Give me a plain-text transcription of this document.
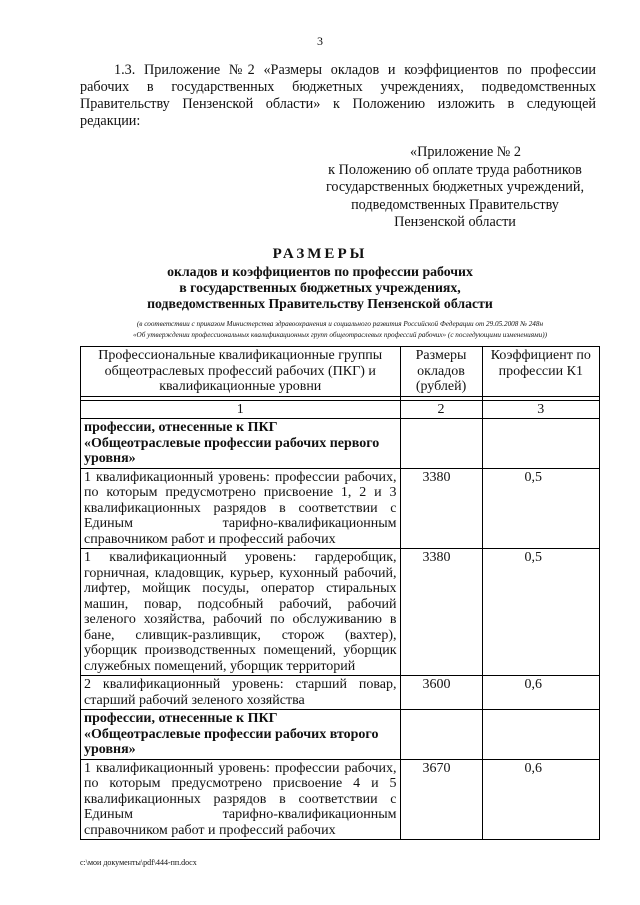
3
1.3. Приложение №2 «Размеры окладов и коэффициентов по профессии рабочих в государственных бюджетных учреждениях, подведомственных Правительству Пензенской области» к Положению изложить в следующей редакции:
«Приложение № 2
к Положению об оплате труда работников
государственных бюджетных учреждений,
подведомственных Правительству
Пензенской области
РАЗМЕРЫ
окладов и коэффициентов по профессии рабочих
в государственных бюджетных учреждениях,
подведомственных Правительству Пензенской области
(в соответствии с приказом Министерства здравоохранения и социального развития Российской Федерации от 29.05.2008 № 248н
«Об утверждении профессиональных квалификационных групп общеотраслевых профессий рабочих» (с последующими изменениями))
Профессиональные квалификационные группы общеотраслевых профессий рабочих (ПКГ) и квалификационные уровни	Размеры окладов (рублей)	Коэффициент по профессии К1

1	2	3
профессии, отнесенные к ПКГ «Общеотраслевые профессии рабочих первого уровня»		
1 квалификационный уровень: профессии рабочих, по которым предусмотрено присвоение 1, 2 и 3 квалификационных разрядов в соответствии с Единым тарифно-квалификационным справочником работ и профессий рабочих	3380	0,5
1 квалификационный уровень: гардеробщик, горничная, кладовщик, курьер, кухонный рабочий, лифтер, мойщик посуды, оператор стиральных машин, повар, подсобный рабочий, рабочий зеленого хозяйства, рабочий по обслуживанию в бане, сливщик-разливщик, сторож (вахтер), уборщик производственных помещений, уборщик служебных помещений, уборщик территорий	3380	0,5
2 квалификационный уровень: старший повар, старший рабочий зеленого хозяйства	3600	0,6
профессии, отнесенные к ПКГ «Общеотраслевые профессии рабочих второго уровня»		
1 квалификационный уровень: профессии рабочих, по которым предусмотрено присвоение 4 и 5 квалификационных разрядов в соответствии с Единым тарифно-квалификационным справочником работ и профессий рабочих	3670	0,6
c:\мои документы\pdf\444-пп.docx
